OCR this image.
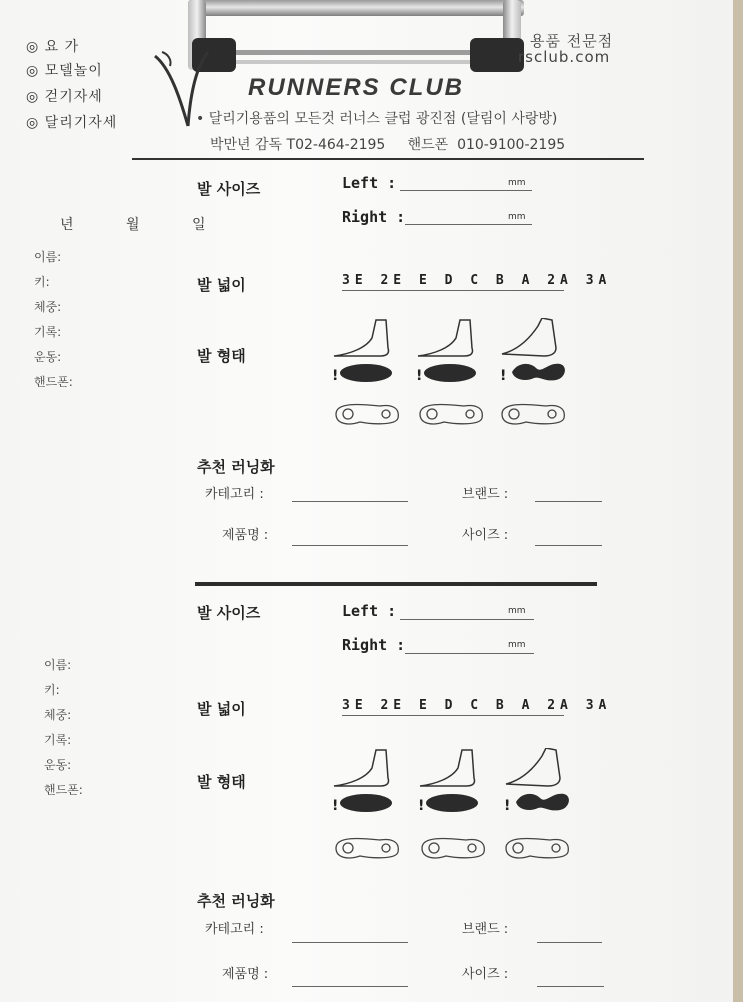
◎ 요 가
◎ 모델놀이
◎ 걷기자세
◎ 달리기자세
RUNNERS CLUB
용품 전문점
rsclub.com
• 달리기용품의 모든것 러너스 클럽 광진점 (달림이 사랑방)
박만년 감독 T02-464-2195     핸드폰  010-9100-2195
년 월 일
이름:
키:
체중:
기록:
운동:
핸드폰:
발 사이즈	Left :	mm
Right :	mm
발 넓이	3E 2E E D C B A 2A 3A
발 형태
!	!	!
추천 러닝화
카테고리 :	브랜드 :
제품명 :	사이즈 :
이름:
키:
체중:
기록:
운동:
핸드폰:
발 사이즈	Left :	mm
Right :	mm
발 넓이	3E 2E E D C B A 2A 3A
발 형태
!	!	!
추천 러닝화
카테고리 :	브랜드 :
제품명 :	사이즈 :
